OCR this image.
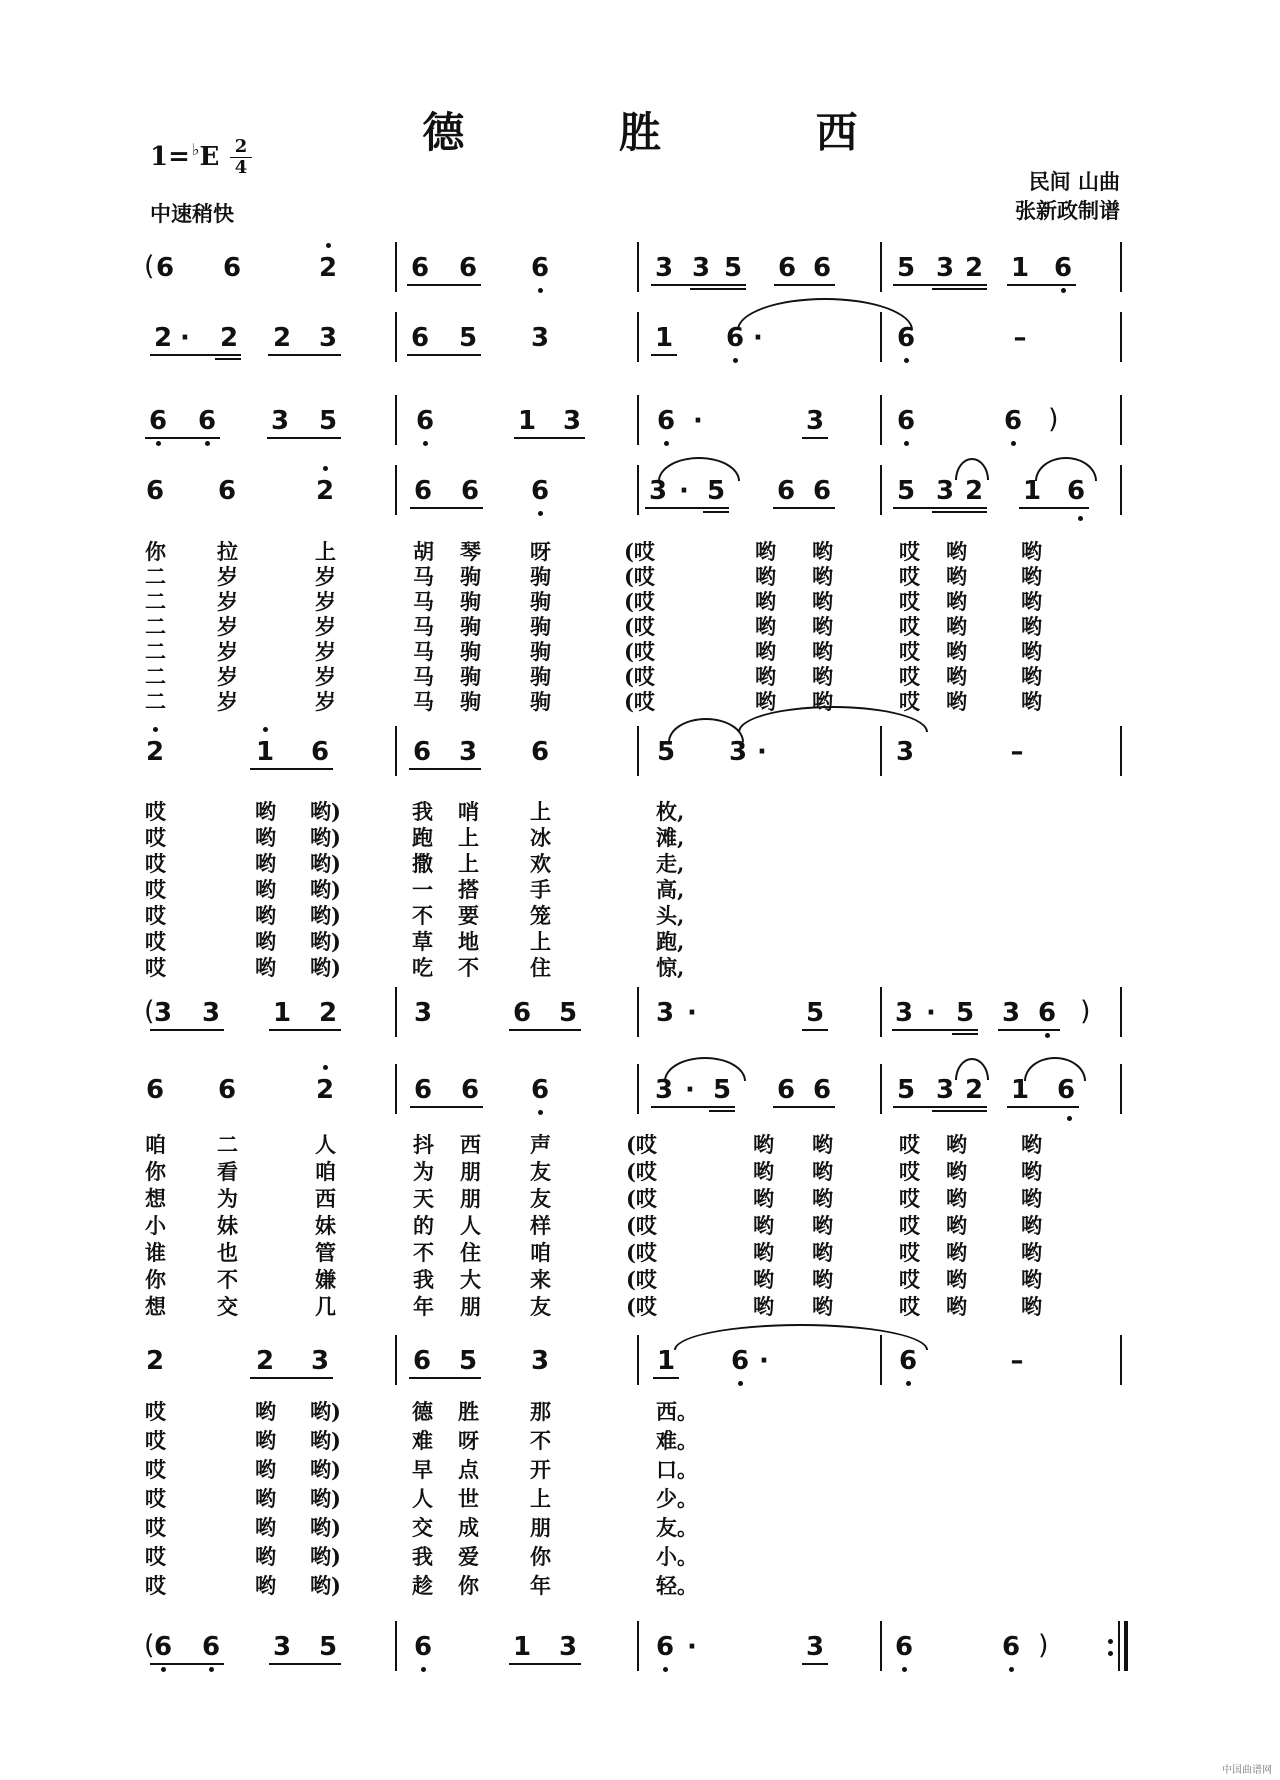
德 胜 西
1= ♭E 2
4
中速稍快
民间 山曲
张新政制谱
( 6 6	2	6 6 6	3 3 5 6 6	5 3 2 1 6
2 ·	2 2 3	6 5 3	1 6 ·	6	–
)
6 6 3 5	6	1 3	6 ·	3	6	6
6 6	2	6 6 6	3 · 5 6 6	5 3 2 1 6
你 拉	上	胡 琴 呀	(哎	哟 哟	哎 哟	哟
二 岁	岁	马 驹 驹	(哎	哟 哟	哎 哟	哟
二 岁	岁	马 驹 驹	(哎	哟 哟	哎 哟	哟
二 岁	岁	马 驹 驹	(哎	哟 哟	哎 哟	哟
二 岁	岁	马 驹 驹	(哎	哟 哟	哎 哟	哟
二 岁	岁	马 驹 驹	(哎	哟 哟	哎 哟	哟
二 岁	岁	马 驹 驹	(哎	哟 哟	哎 哟	哟
2	1 6	6 3 6	5 3 ·	3	–
哎	哟 哟)	我 哨 上	枚,
哎	哟 哟)	跑 上 冰	滩,
哎	哟 哟)	撒 上 欢	走,
哎	哟 哟)	一 搭 手	高,
哎	哟 哟)	不 要 笼	头,
哎	哟 哟)	草 地 上	跑,
哎	哟 哟)	吃 不 住	惊,
(	)
3 3 1 2	3	6 5	3 ·	5	3 · 5 3 6
6 6	2	6 6 6	3 · 5 6 6	5 3 2 1 6
咱 二	人	抖 西 声	(哎	哟 哟	哎 哟	哟
你 看	咱	为 朋 友	(哎	哟 哟	哎 哟	哟
想 为	西	天 朋 友	(哎	哟 哟	哎 哟	哟
小 妹	妹	的 人 样	(哎	哟 哟	哎 哟	哟
谁 也	管	不 住 咱	(哎	哟 哟	哎 哟	哟
你 不	嫌	我 大 来	(哎	哟 哟	哎 哟	哟
想 交	几	年 朋 友	(哎	哟 哟	哎 哟	哟
2	2 3	6 5 3	1 6 ·	6	–
哎	哟 哟)	德 胜 那	西。
哎	哟 哟)	难 呀 不	难。
哎	哟 哟)	早 点 开	口。
哎	哟 哟)	人 世 上	少。
哎	哟 哟)	交 成 朋	友。
哎	哟 哟)	我 爱 你	小。
哎	哟 哟)	趁 你 年	轻。
(	)
6 6 3 5	6	1 3	6 ·	3	6	6
中国曲谱网
